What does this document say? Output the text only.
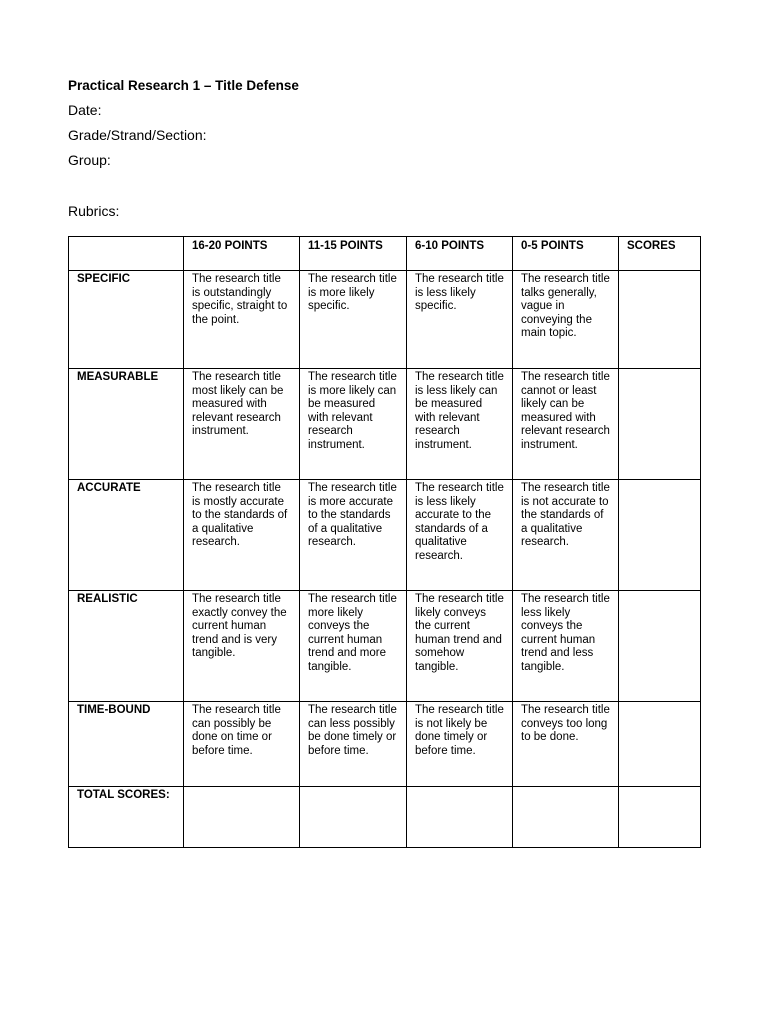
Practical Research 1 – Title Defense
Date:
Grade/Strand/Section:
Group:
Rubrics:
	16-20 POINTS	11-15 POINTS	6-10 POINTS	0-5 POINTS	SCORES
SPECIFIC	The research title is outstandingly specific, straight to the point.	The research title is more likely specific.	The research title is less likely specific.	The research title talks generally, vague in conveying the main topic.	
MEASURABLE	The research title most likely can be measured with relevant research instrument.	The research title is more likely can be measured with relevant research instrument.	The research title is less likely can be measured with relevant research instrument.	The research title cannot or least likely can be measured with relevant research instrument.	
ACCURATE	The research title is mostly accurate to the standards of a qualitative research.	The research title is more accurate to the standards of a qualitative research.	The research title is less likely accurate to the standards of a qualitative research.	The research title is not accurate to the standards of a qualitative research.	
REALISTIC	The research title exactly convey the current human trend and is very tangible.	The research title more likely conveys the current human trend and more tangible.	The research title likely conveys the current human trend and somehow tangible.	The research title less likely conveys the current human trend and less tangible.	
TIME-BOUND	The research title can possibly be done on time or before time.	The research title can less possibly be done timely or before time.	The research title is not likely be done timely or before time.	The research title conveys too long to be done.	
TOTAL SCORES:					
